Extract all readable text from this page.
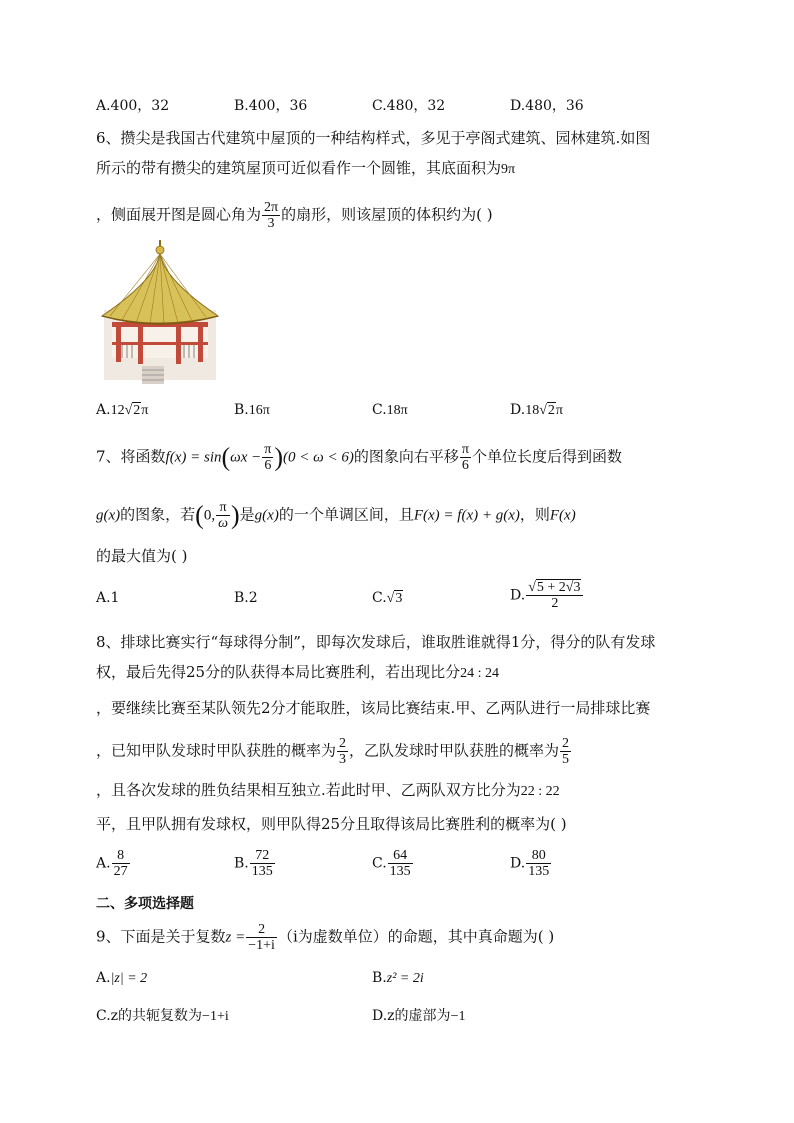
A.400，32	B.400，36	C.480，32	D.480，36
6、攒尖是我国古代建筑中屋顶的一种结构样式，多见于亭阁式建筑、园林建筑.如图
所示的带有攒尖的建筑屋顶可近似看作一个圆锥，其底面积为9π
，侧面展开图是圆心角为 $\frac{2\pi}{3}$ 的扇形，则该屋顶的体积约为( )
A.12√2π	B.16π	C.18π	D.18√2π
7、将函数$f(x) = \sin(\omega x - \frac{\pi}{6} )(0 < \omega < 6)$的图象向右平移 $\frac{\pi}{6}$ 个单位长度后得到函数
g(x)的图象，若(0, $\frac{\pi}{\omega}$ )是g(x)的一个单调区间，且F(x) = f(x) + g(x)，则F(x)
的最大值为( )
A.1	B.2	C.√3	D. $\frac{√5 + 2√3}{2}$
8、排球比赛实行“每球得分制”，即每次发球后，谁取胜谁就得1分，得分的队有发球
权，最后先得25分的队获得本局比赛胜利，若出现比分24 : 24
，要继续比赛至某队领先2分才能取胜，该局比赛结束.甲、乙两队进行一局排球比赛
，已知甲队发球时甲队获胜的概率为 $\frac{2}{3}$ ，乙队发球时甲队获胜的概率为 $\frac{2}{5}$
，且各次发球的胜负结果相互独立.若此时甲、乙两队双方比分为22 : 22
平，且甲队拥有发球权，则甲队得25分且取得该局比赛胜利的概率为( )
A. $\frac{8}{27}$	B. $\frac{72}{135}$	C. $\frac{64}{135}$	D. $\frac{80}{135}$
二、多项选择题
9、下面是关于复数$z = \frac{2}{-1+i} (i$为虚数单位）的命题，其中真命题为( )
A.|z| = 2	B.z² = 2i
C.z的共轭复数为−1+i	D.z的虚部为−1
